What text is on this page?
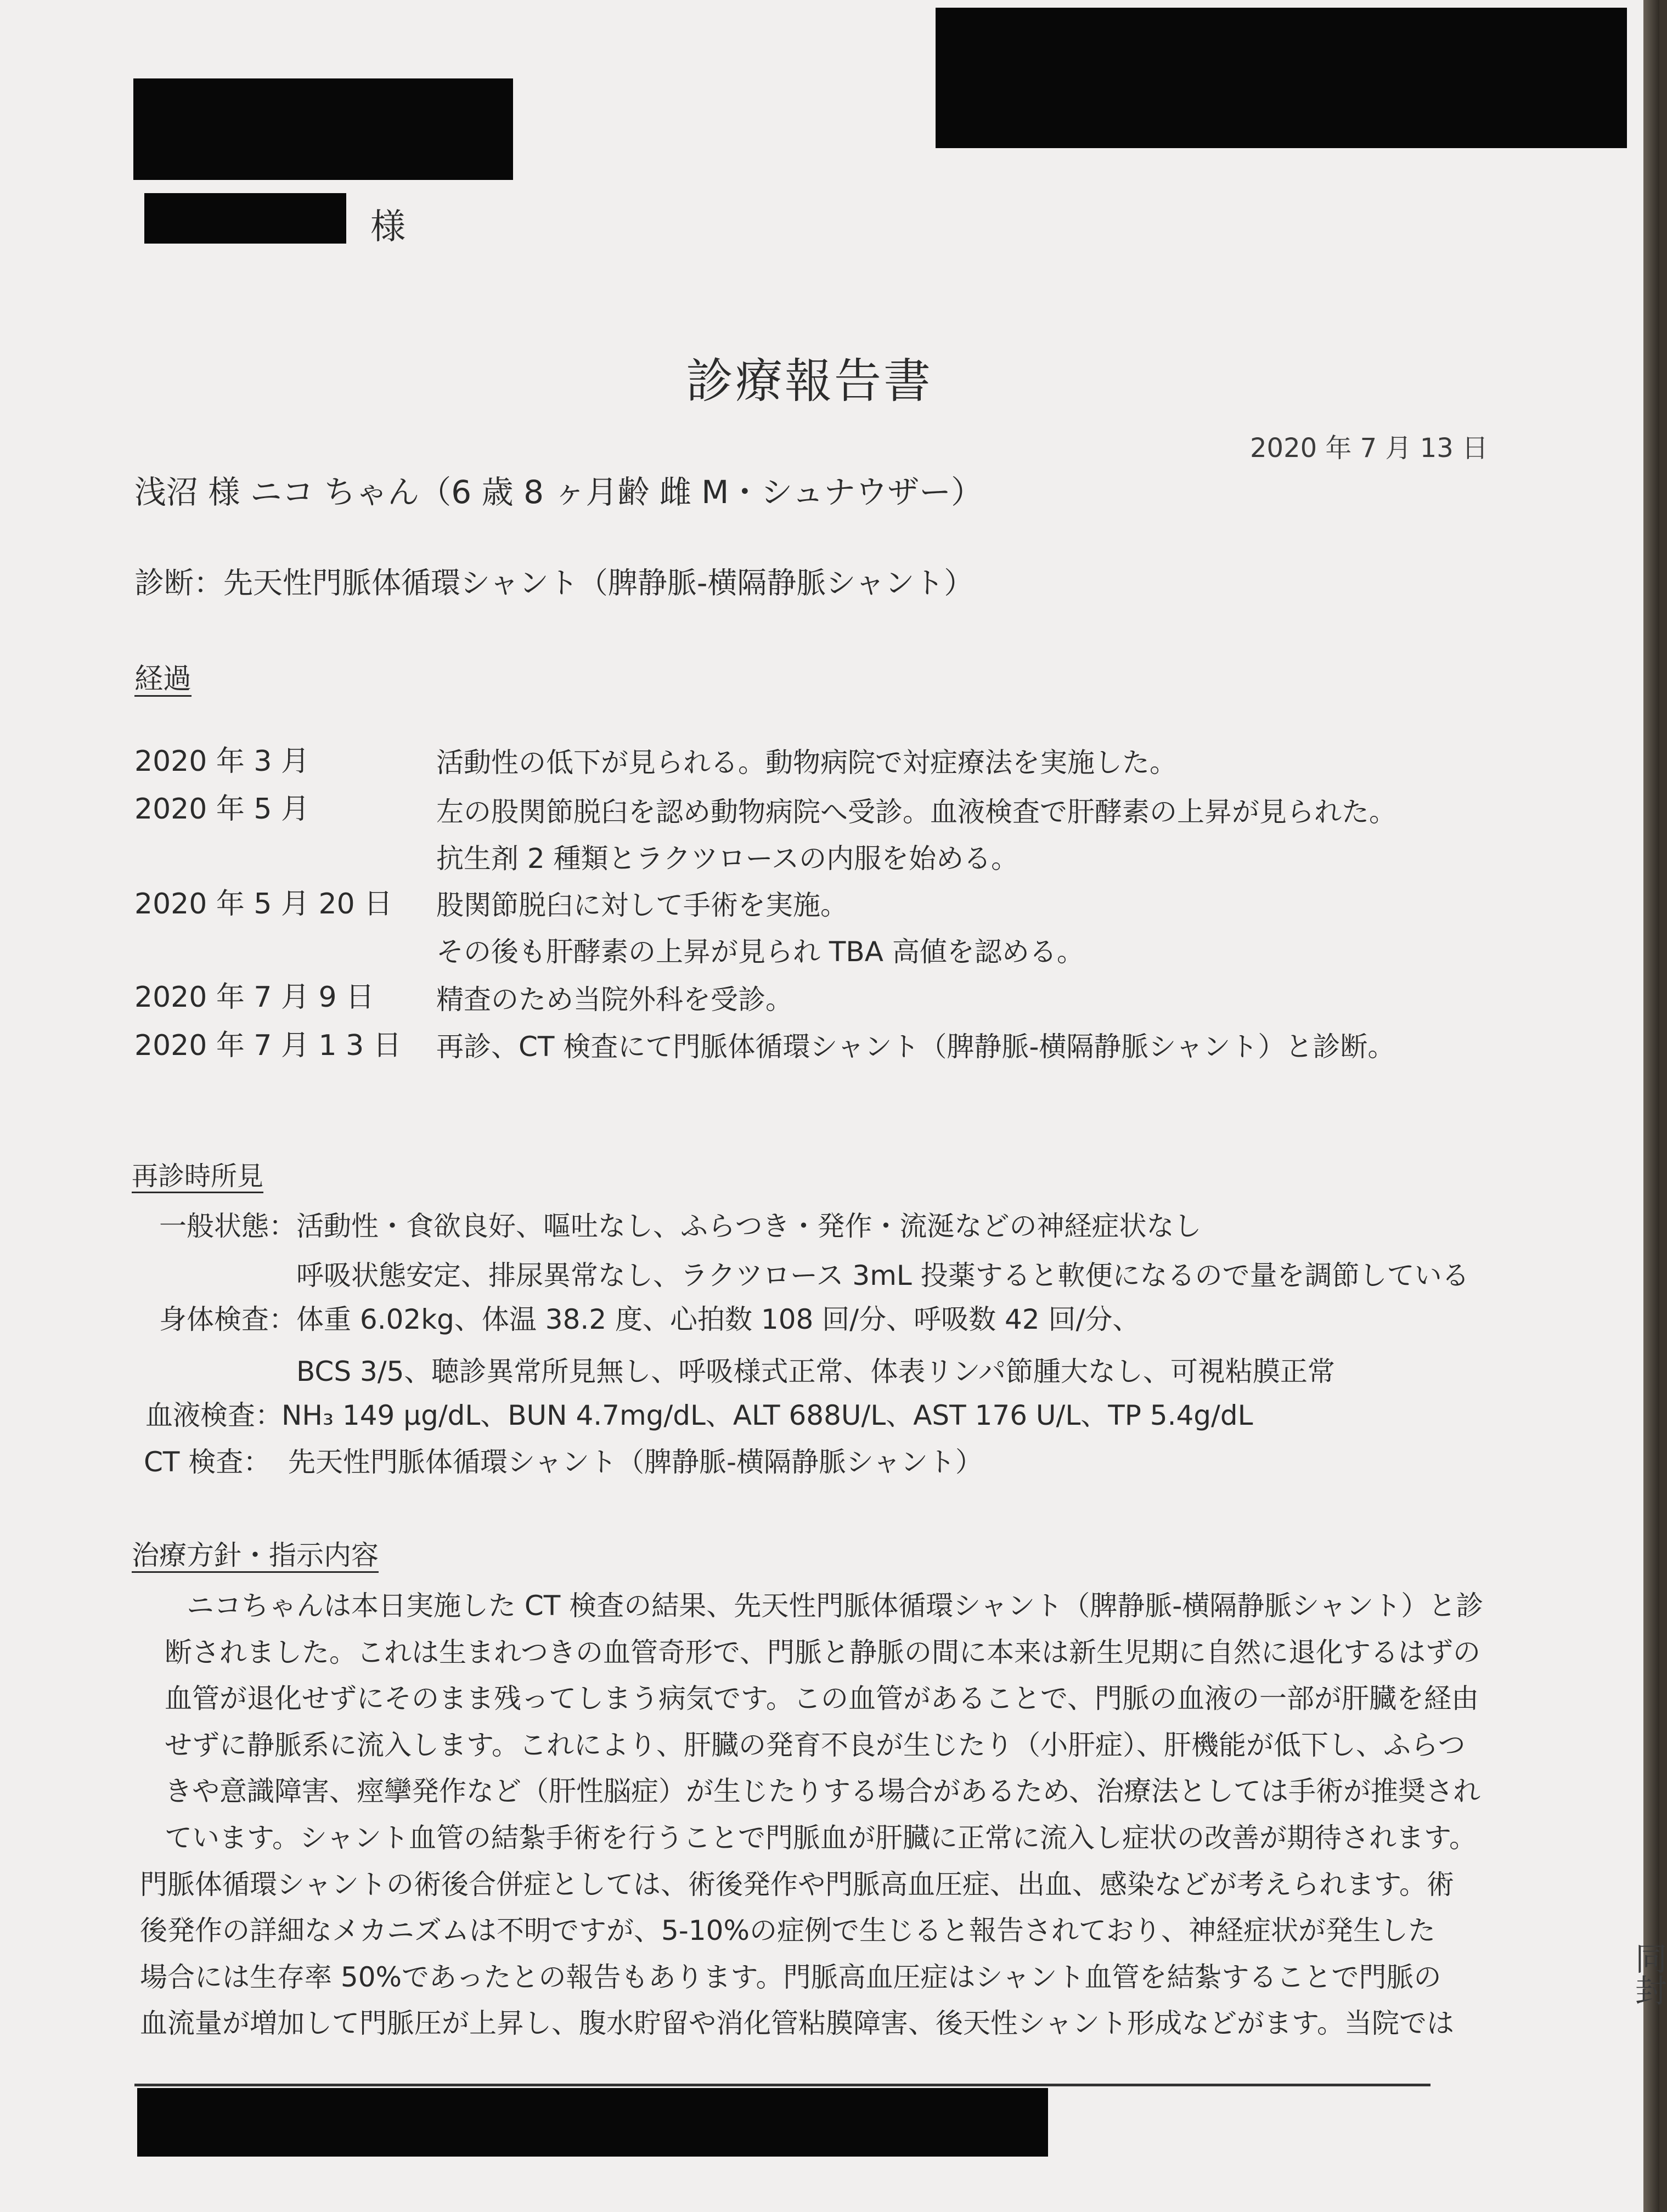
様
診療報告書
2020 年 7 月 13 日
浅沼 様 ニコ ちゃん（6 歳 8 ヶ月齢 雌 M・シュナウザー）
診断：先天性門脈体循環シャント（脾静脈-横隔静脈シャント）
経過
2020 年 3 月	活動性の低下が見られる。動物病院で対症療法を実施した。
2020 年 5 月	左の股関節脱臼を認め動物病院へ受診。血液検査で肝酵素の上昇が見られた。
抗生剤 2 種類とラクツロースの内服を始める。
2020 年 5 月 20 日 股関節脱臼に対して手術を実施。
その後も肝酵素の上昇が見られ TBA 高値を認める。
2020 年 7 月 9 日 精査のため当院外科を受診。
2020 年 7 月 1 3 日 再診、CT 検査にて門脈体循環シャント（脾静脈-横隔静脈シャント）と診断。
再診時所見
一般状態： 活動性・食欲良好、嘔吐なし、ふらつき・発作・流涎などの神経症状なし
呼吸状態安定、排尿異常なし、ラクツロース 3mL 投薬すると軟便になるので量を調節している
身体検査： 体重 6.02kg、体温 38.2 度、心拍数 108 回/分、呼吸数 42 回/分、
BCS 3/5、聴診異常所見無し、呼吸様式正常、体表リンパ節腫大なし、可視粘膜正常
血液検査：
NH₃ 149 μg/dL、BUN 4.7mg/dL、ALT 688U/L、AST 176 U/L、TP 5.4g/dL
CT 検査： 先天性門脈体循環シャント（脾静脈-横隔静脈シャント）
治療方針・指示内容
ニコちゃんは本日実施した CT 検査の結果、先天性門脈体循環シャント（脾静脈-横隔静脈シャント）と診
断されました。これは生まれつきの血管奇形で、門脈と静脈の間に本来は新生児期に自然に退化するはずの
血管が退化せずにそのまま残ってしまう病気です。この血管があることで、門脈の血液の一部が肝臓を経由
せずに静脈系に流入します。これにより、肝臓の発育不良が生じたり（小肝症）、肝機能が低下し、ふらつ
きや意識障害、痙攣発作など（肝性脳症）が生じたりする場合があるため、治療法としては手術が推奨され
ています。シャント血管の結紮手術を行うことで門脈血が肝臓に正常に流入し症状の改善が期待されます。
門脈体循環シャントの術後合併症としては、術後発作や門脈高血圧症、出血、感染などが考えられます。術
後発作の詳細なメカニズムは不明ですが、5-10%の症例で生じると報告されており、神経症状が発生した
場合には生存率 50%であったとの報告もあります。門脈高血圧症はシャント血管を結紮することで門脈の
血流量が増加して門脈圧が上昇し、腹水貯留や消化管粘膜障害、後天性シャント形成などがます。当院では
同封
